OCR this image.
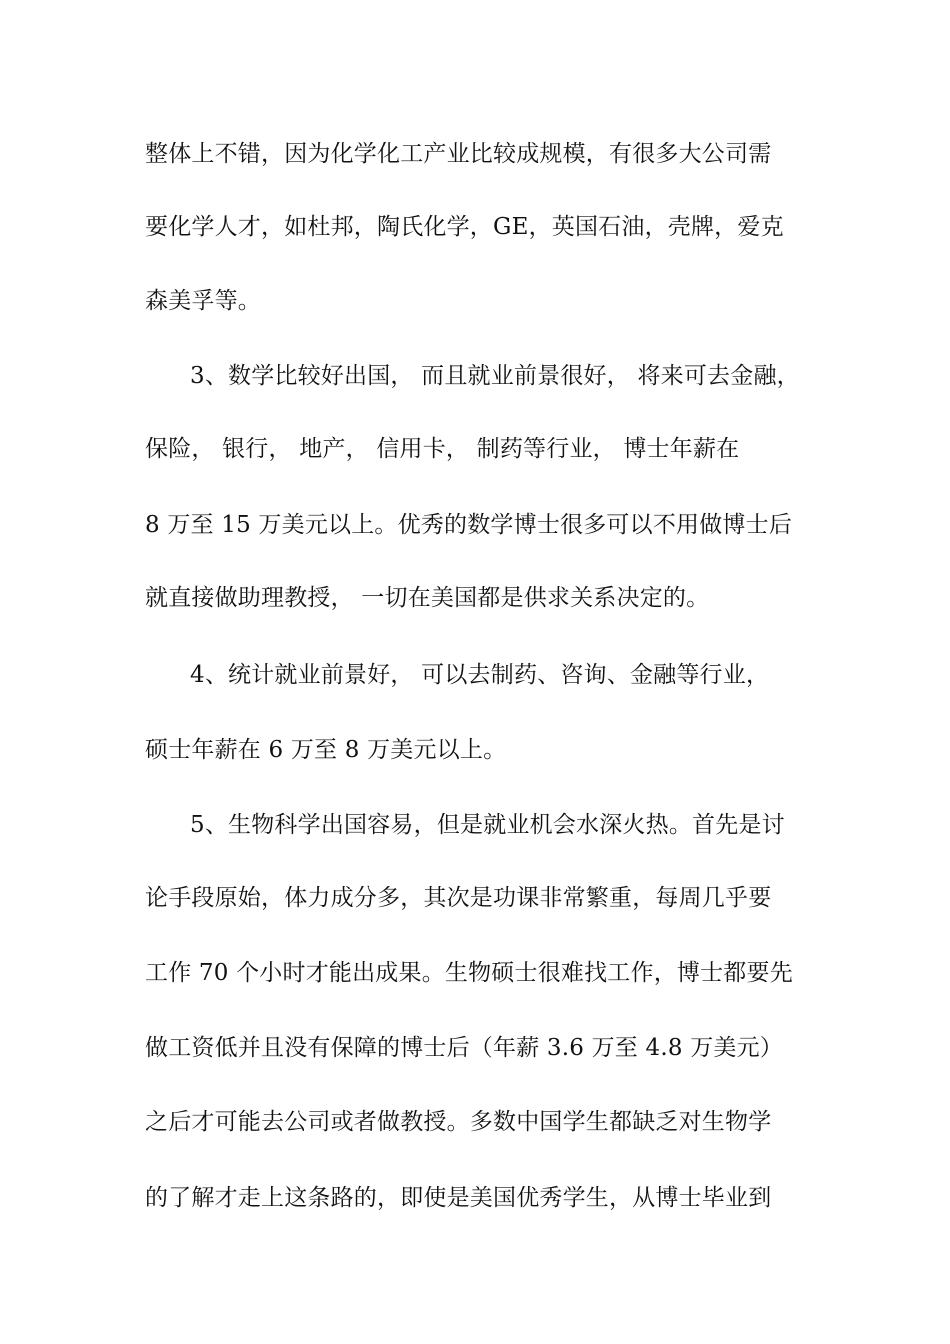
整体上不错，因为化学化工产业比较成规模，有很多大公司需
要化学人才，如杜邦，陶氏化学，GE，英国石油，壳牌，爱克
森美孚等。
3、数学比较好出国， 而且就业前景很好， 将来可去金融，
保险， 银行， 地产， 信用卡， 制药等行业， 博士年薪在
8 万至 15 万美元以上。优秀的数学博士很多可以不用做博士后
就直接做助理教授， 一切在美国都是供求关系决定的。
4、统计就业前景好， 可以去制药、咨询、金融等行业，
硕士年薪在 6 万至 8 万美元以上。
5、生物科学出国容易，但是就业机会水深火热。首先是讨
论手段原始，体力成分多，其次是功课非常繁重，每周几乎要
工作 70 个小时才能出成果。生物硕士很难找工作，博士都要先
做工资低并且没有保障的博士后（年薪 3.6 万至 4.8 万美元）
之后才可能去公司或者做教授。多数中国学生都缺乏对生物学
的了解才走上这条路的，即使是美国优秀学生，从博士毕业到
